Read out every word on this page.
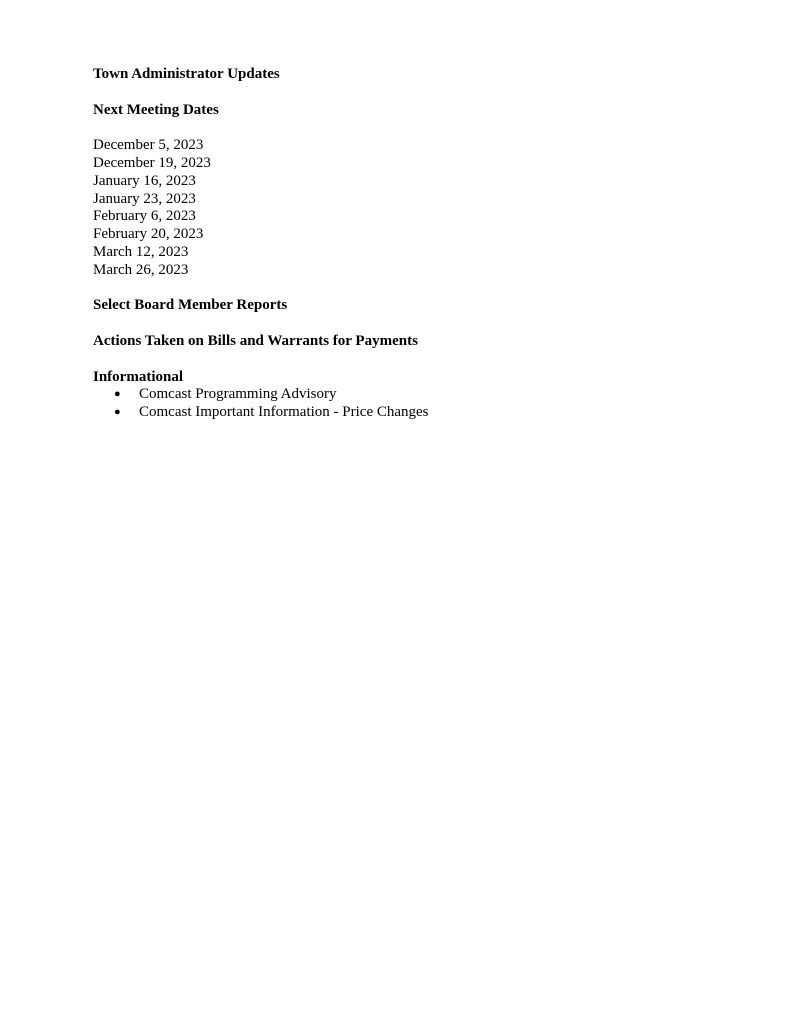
Town Administrator Updates

Next Meeting Dates

December 5, 2023
December 19, 2023
January 16, 2023
January 23, 2023
February 6, 2023
February 20, 2023
March 12, 2023
March 26, 2023

Select Board Member Reports

Actions Taken on Bills and Warrants for Payments

Informational

● Comcast Programming Advisory
● Comcast Important Information - Price Changes
